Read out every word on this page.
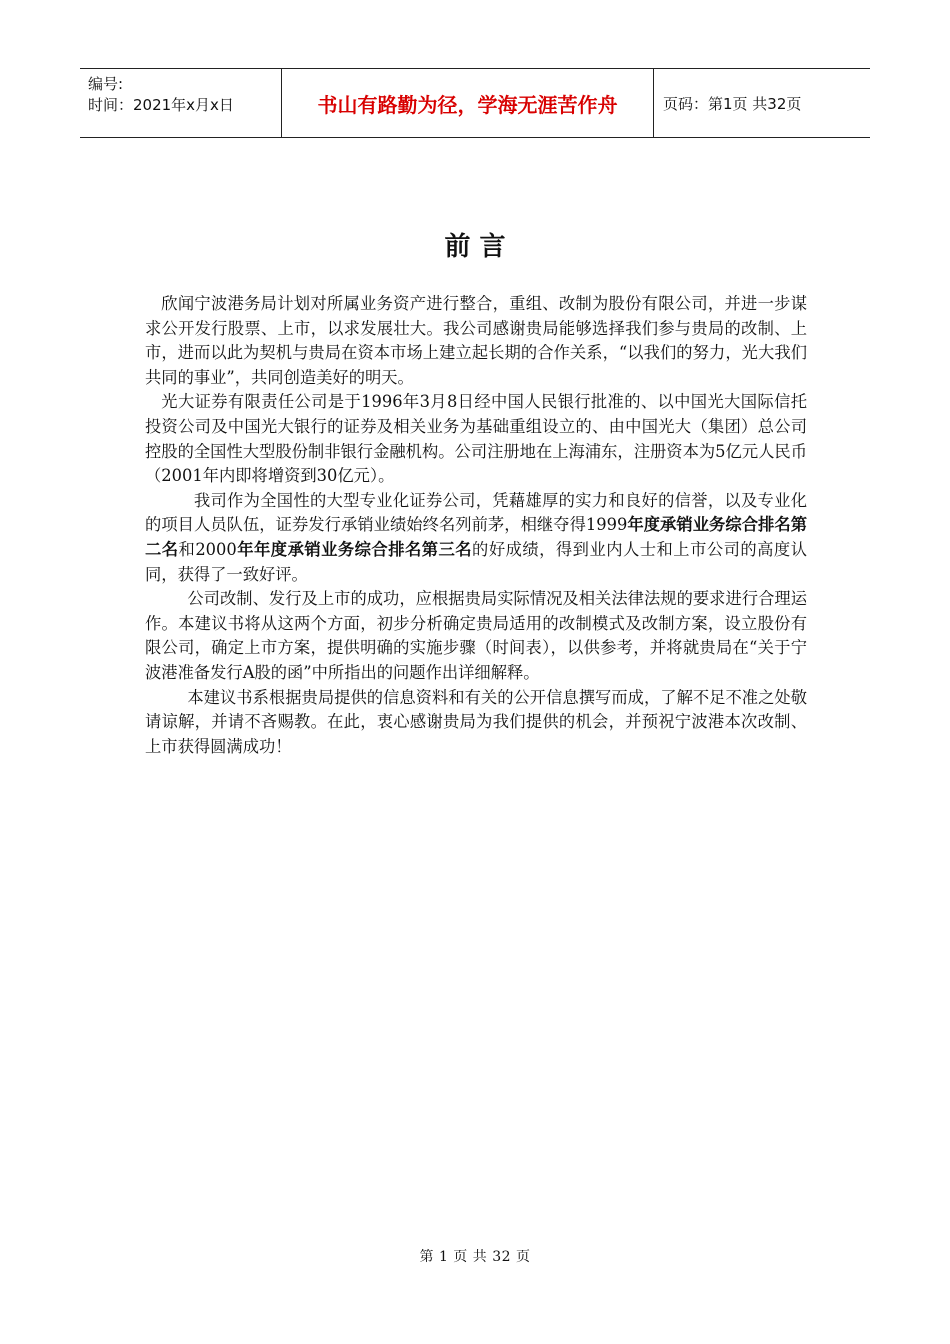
编号:
时间：2021年x月x日	书山有路勤为径，学海无涯苦作舟	页码：第1页 共32页
前 言

欣闻宁波港务局计划对所属业务资产进行整合，重组、改制为股份有限公司，并进一步谋求公开发行股票、上市，以求发展壮大。我公司感谢贵局能够选择我们参与贵局的改制、上市，进而以此为契机与贵局在资本市场上建立起长期的合作关系，“以我们的努力，光大我们共同的事业”，共同创造美好的明天。

光大证券有限责任公司是于1996年3月8日经中国人民银行批准的、以中国光大国际信托投资公司及中国光大银行的证券及相关业务为基础重组设立的、由中国光大（集团）总公司控股的全国性大型股份制非银行金融机构。公司注册地在上海浦东，注册资本为5亿元人民币（2001年内即将增资到30亿元）。

我司作为全国性的大型专业化证券公司，凭藉雄厚的实力和良好的信誉，以及专业化的项目人员队伍，证券发行承销业绩始终名列前茅，相继夺得1999年度承销业务综合排名第二名和2000年年度承销业务综合排名第三名的好成绩，得到业内人士和上市公司的高度认同，获得了一致好评。

公司改制、发行及上市的成功，应根据贵局实际情况及相关法律法规的要求进行合理运作。本建议书将从这两个方面，初步分析确定贵局适用的改制模式及改制方案，设立股份有限公司，确定上市方案，提供明确的实施步骤（时间表），以供参考，并将就贵局在“关于宁波港准备发行A股的函”中所指出的问题作出详细解释。

本建议书系根据贵局提供的信息资料和有关的公开信息撰写而成，了解不足不准之处敬请谅解，并请不吝赐教。在此，衷心感谢贵局为我们提供的机会，并预祝宁波港本次改制、上市获得圆满成功！

第 1 页 共 32 页
